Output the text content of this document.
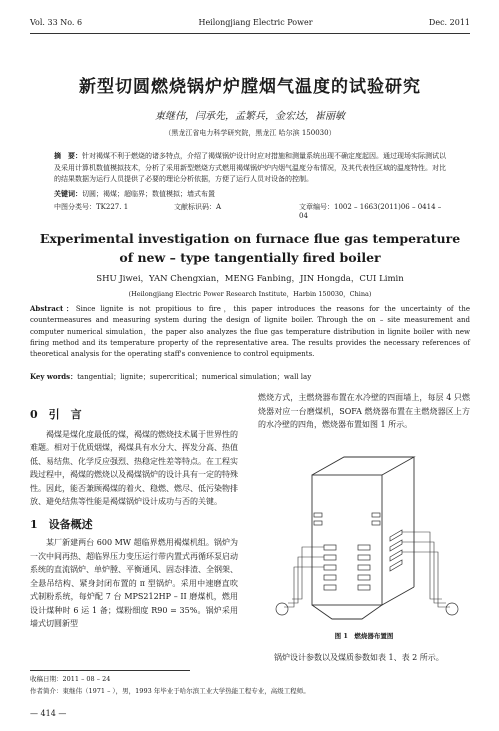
Vol. 33 No. 6	Heilongjiang Electric Power	Dec. 2011
新型切圆燃烧锅炉炉膛烟气温度的试验研究
東继伟，闫承先，孟繁兵，金宏达，崔丽敏
（黑龙江省电力科学研究院，黑龙江 哈尔滨 150030）
摘　要：针对褐煤不利于燃烧的诸多特点，介绍了褐煤锅炉设计时应对措施和测量系统出现不确定度起因。通过现场实际测试以及采用计算机数值模拟技术，分析了采用新型燃烧方式燃用褐煤锅炉炉内烟气温度分布情况，及其代表性区域的温度特性。对比的结果数据为运行人员提供了必要的理论分析依据，方便了运行人员对设备的控制。
关键词：切圆；褐煤；超临界；数值模拟；墙式布置
中图分类号：TK227. 1	文献标识码：A	文章编号：1002 – 1663(2011)06 – 0414 – 04
Experimental investigation on furnace flue gas temperature
of new – type tangentially fired boiler
SHU Jiwei，YAN Chengxian，MENG Fanbing，JIN Hongda，CUI Limin
(Heilongjiang Electric Power Research Institute，Harbin 150030，China)
Abstract：Since lignite is not propitious to fire，this paper introduces the reasons for the uncertainty of the countermeasures and measuring system during the design of lignite boiler. Through the on – site measurement and computer numerical simulation，the paper also analyzes the flue gas temperature distribution in lignite boiler with new firing method and its temperature property of the representative area. The results provides the necessary references of theoretical analysis for the operating staff's convenience to control equipments.
Key words：tangential；lignite；supercritical；numerical simulation；wall lay
0　引　言

褐煤是煤化度最低的煤，褐煤的燃烧技术属于世界性的难题。相对于优质烟煤，褐煤具有水分大、挥发分高、热值低、易结焦、化学反应强烈、热稳定性差等特点。在工程实践过程中，褐煤的燃烧以及褐煤锅炉的设计具有一定的特殊性。因此，能否兼顾褐煤的着火、稳燃、燃尽、低污染物排放、避免结焦等性能是褐煤锅炉设计成功与否的关键。

1　设备概述

某厂新建两台 600 MW 超临界燃用褐煤机组。锅炉为一次中间再热、超临界压力变压运行带内置式再循环泵启动系统的直流锅炉、单炉膛、平衡通风、固态排渣、全钢架、全悬吊结构、紧身封闭布置的 π 型锅炉。采用中速磨直吹式制粉系统，每炉配 7 台 MPS212HP – II 磨煤机，燃用设计煤种时 6 运 1 备；煤粉细度 R90 = 35%。锅炉采用墙式切圆新型

燃烧方式，主燃烧器布置在水冷壁的四面墙上，每层 4 只燃烧器对应一台磨煤机，SOFA 燃烧器布置在主燃烧器区上方的水冷壁的四角，燃烧器布置如图 1 所示。

图 1　燃烧器布置图
锅炉设计参数以及煤质参数如表 1、表 2 所示。
收稿日期：2011 – 08 – 24
作者简介：東继伟（1971 – ），男，1993 年毕业于哈尔滨工业大学热能工程专业，高级工程师。
— 414 —
